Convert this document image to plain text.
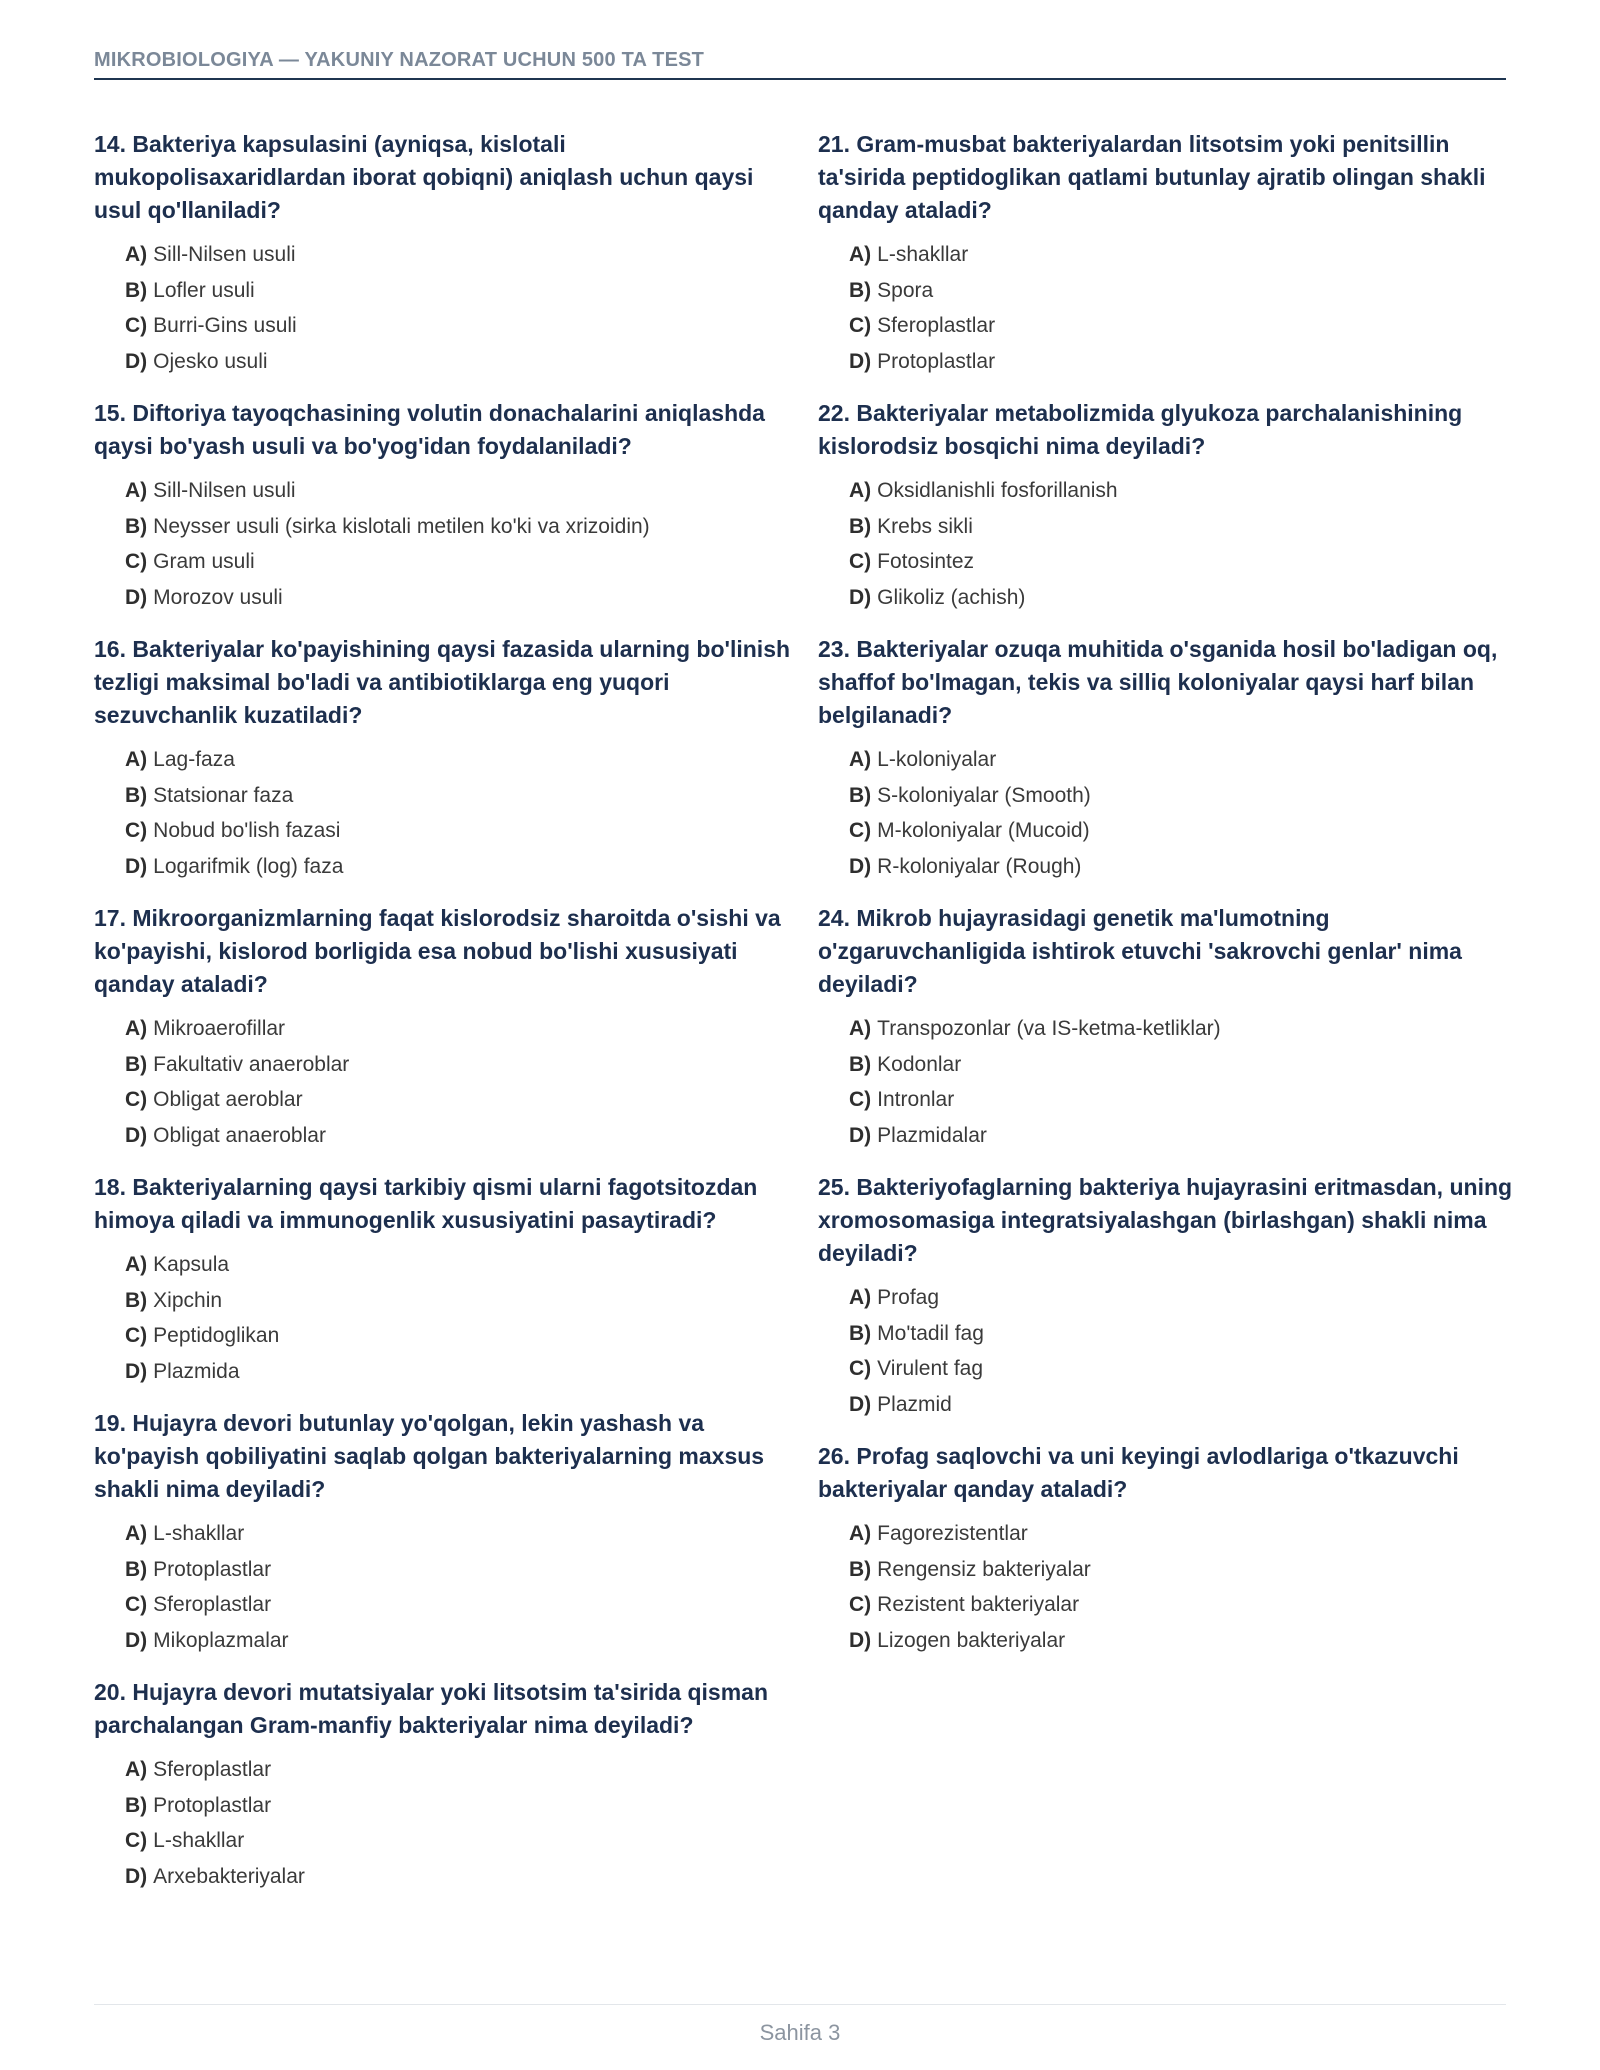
MIKROBIOLOGIYA — YAKUNIY NAZORAT UCHUN 500 TA TEST
14. Bakteriya kapsulasini (ayniqsa, kislotali mukopolisaxaridlardan iborat qobiqni) aniqlash uchun qaysi usul qo'llaniladi?
A) Sill-Nilsen usuli
B) Lofler usuli
C) Burri-Gins usuli
D) Ojesko usuli
15. Diftoriya tayoqchasining volutin donachalarini aniqlashda qaysi bo'yash usuli va bo'yog'idan foydalaniladi?
A) Sill-Nilsen usuli
B) Neysser usuli (sirka kislotali metilen ko'ki va xrizoidin)
C) Gram usuli
D) Morozov usuli
16. Bakteriyalar ko'payishining qaysi fazasida ularning bo'linish tezligi maksimal bo'ladi va antibiotiklarga eng yuqori sezuvchanlik kuzatiladi?
A) Lag-faza
B) Statsionar faza
C) Nobud bo'lish fazasi
D) Logarifmik (log) faza
17. Mikroorganizmlarning faqat kislorodsiz sharoitda o'sishi va ko'payishi, kislorod borligida esa nobud bo'lishi xususiyati qanday ataladi?
A) Mikroaerofillar
B) Fakultativ anaeroblar
C) Obligat aeroblar
D) Obligat anaeroblar
18. Bakteriyalarning qaysi tarkibiy qismi ularni fagotsitozdan himoya qiladi va immunogenlik xususiyatini pasaytiradi?
A) Kapsula
B) Xipchin
C) Peptidoglikan
D) Plazmida
19. Hujayra devori butunlay yo'qolgan, lekin yashash va ko'payish qobiliyatini saqlab qolgan bakteriyalarning maxsus shakli nima deyiladi?
A) L-shakllar
B) Protoplastlar
C) Sferoplastlar
D) Mikoplazmalar
20. Hujayra devori mutatsiyalar yoki litsotsim ta'sirida qisman parchalangan Gram-manfiy bakteriyalar nima deyiladi?
A) Sferoplastlar
B) Protoplastlar
C) L-shakllar
D) Arxebakteriyalar
21. Gram-musbat bakteriyalardan litsotsim yoki penitsillin ta'sirida peptidoglikan qatlami butunlay ajratib olingan shakli qanday ataladi?
A) L-shakllar
B) Spora
C) Sferoplastlar
D) Protoplastlar
22. Bakteriyalar metabolizmida glyukoza parchalanishining kislorodsiz bosqichi nima deyiladi?
A) Oksidlanishli fosforillanish
B) Krebs sikli
C) Fotosintez
D) Glikoliz (achish)
23. Bakteriyalar ozuqa muhitida o'sganida hosil bo'ladigan oq, shaffof bo'lmagan, tekis va silliq koloniyalar qaysi harf bilan belgilanadi?
A) L-koloniyalar
B) S-koloniyalar (Smooth)
C) M-koloniyalar (Mucoid)
D) R-koloniyalar (Rough)
24. Mikrob hujayrasidagi genetik ma'lumotning o'zgaruvchanligida ishtirok etuvchi 'sakrovchi genlar' nima deyiladi?
A) Transpozonlar (va IS-ketma-ketliklar)
B) Kodonlar
C) Intronlar
D) Plazmidalar
25. Bakteriyofaglarning bakteriya hujayrasini eritmasdan, uning xromosomasiga integratsiyalashgan (birlashgan) shakli nima deyiladi?
A) Profag
B) Mo'tadil fag
C) Virulent fag
D) Plazmid
26. Profag saqlovchi va uni keyingi avlodlariga o'tkazuvchi bakteriyalar qanday ataladi?
A) Fagorezistentlar
B) Rengensiz bakteriyalar
C) Rezistent bakteriyalar
D) Lizogen bakteriyalar
Sahifa 3
